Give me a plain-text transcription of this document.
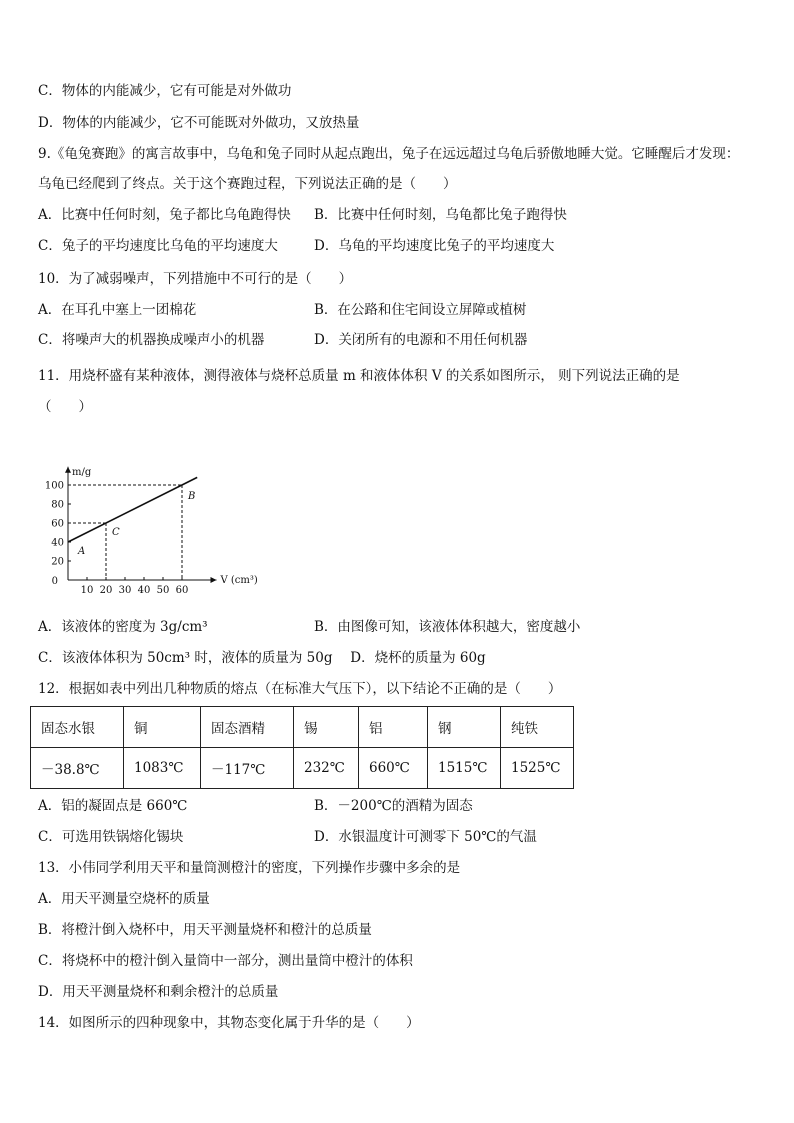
C．物体的内能减少，它有可能是对外做功
D．物体的内能减少，它不可能既对外做功，又放热量
9.《龟兔赛跑》的寓言故事中，乌龟和兔子同时从起点跑出，兔子在远远超过乌龟后骄傲地睡大觉。它睡醒后才发现：
乌龟已经爬到了终点。关于这个赛跑过程，下列说法正确的是（　　）
A．比赛中任何时刻，兔子都比乌龟跑得快 B．比赛中任何时刻，乌龟都比兔子跑得快
C．兔子的平均速度比乌龟的平均速度大	D．乌龟的平均速度比兔子的平均速度大
10．为了减弱噪声，下列措施中不可行的是（　　）
A．在耳孔中塞上一团棉花	B．在公路和住宅间设立屏障或植树
C．将噪声大的机器换成噪声小的机器	D．关闭所有的电源和不用任何机器
11．用烧杯盛有某种液体，测得液体与烧杯总质量 m 和液体体积 V 的关系如图所示， 则下列说法正确的是
（　　）
m/g
V (cm³)
0
10 20 30 40 50 60
20
40
60
80
100
A
C
B
A．该液体的密度为 3g/cm³	B．由图像可知，该液体体积越大，密度越小
C．该液体体积为 50cm³ 时，液体的质量为 50g　 D．烧杯的质量为 60g
12．根据如表中列出几种物质的熔点（在标准大气压下），以下结论不正确的是（　　）
固态水银	铜	固态酒精	锡	铝	钢	纯铁
－38.8℃	1083℃	－117℃	232℃	660℃	1515℃	1525℃
A．铝的凝固点是 660℃	B．－200℃的酒精为固态
C．可选用铁锅熔化锡块	D．水银温度计可测零下 50℃的气温
13．小伟同学利用天平和量筒测橙汁的密度，下列操作步骤中多余的是
A．用天平测量空烧杯的质量
B．将橙汁倒入烧杯中，用天平测量烧杯和橙汁的总质量
C．将烧杯中的橙汁倒入量筒中一部分，测出量筒中橙汁的体积
D．用天平测量烧杯和剩余橙汁的总质量
14．如图所示的四种现象中，其物态变化属于升华的是（　　）
